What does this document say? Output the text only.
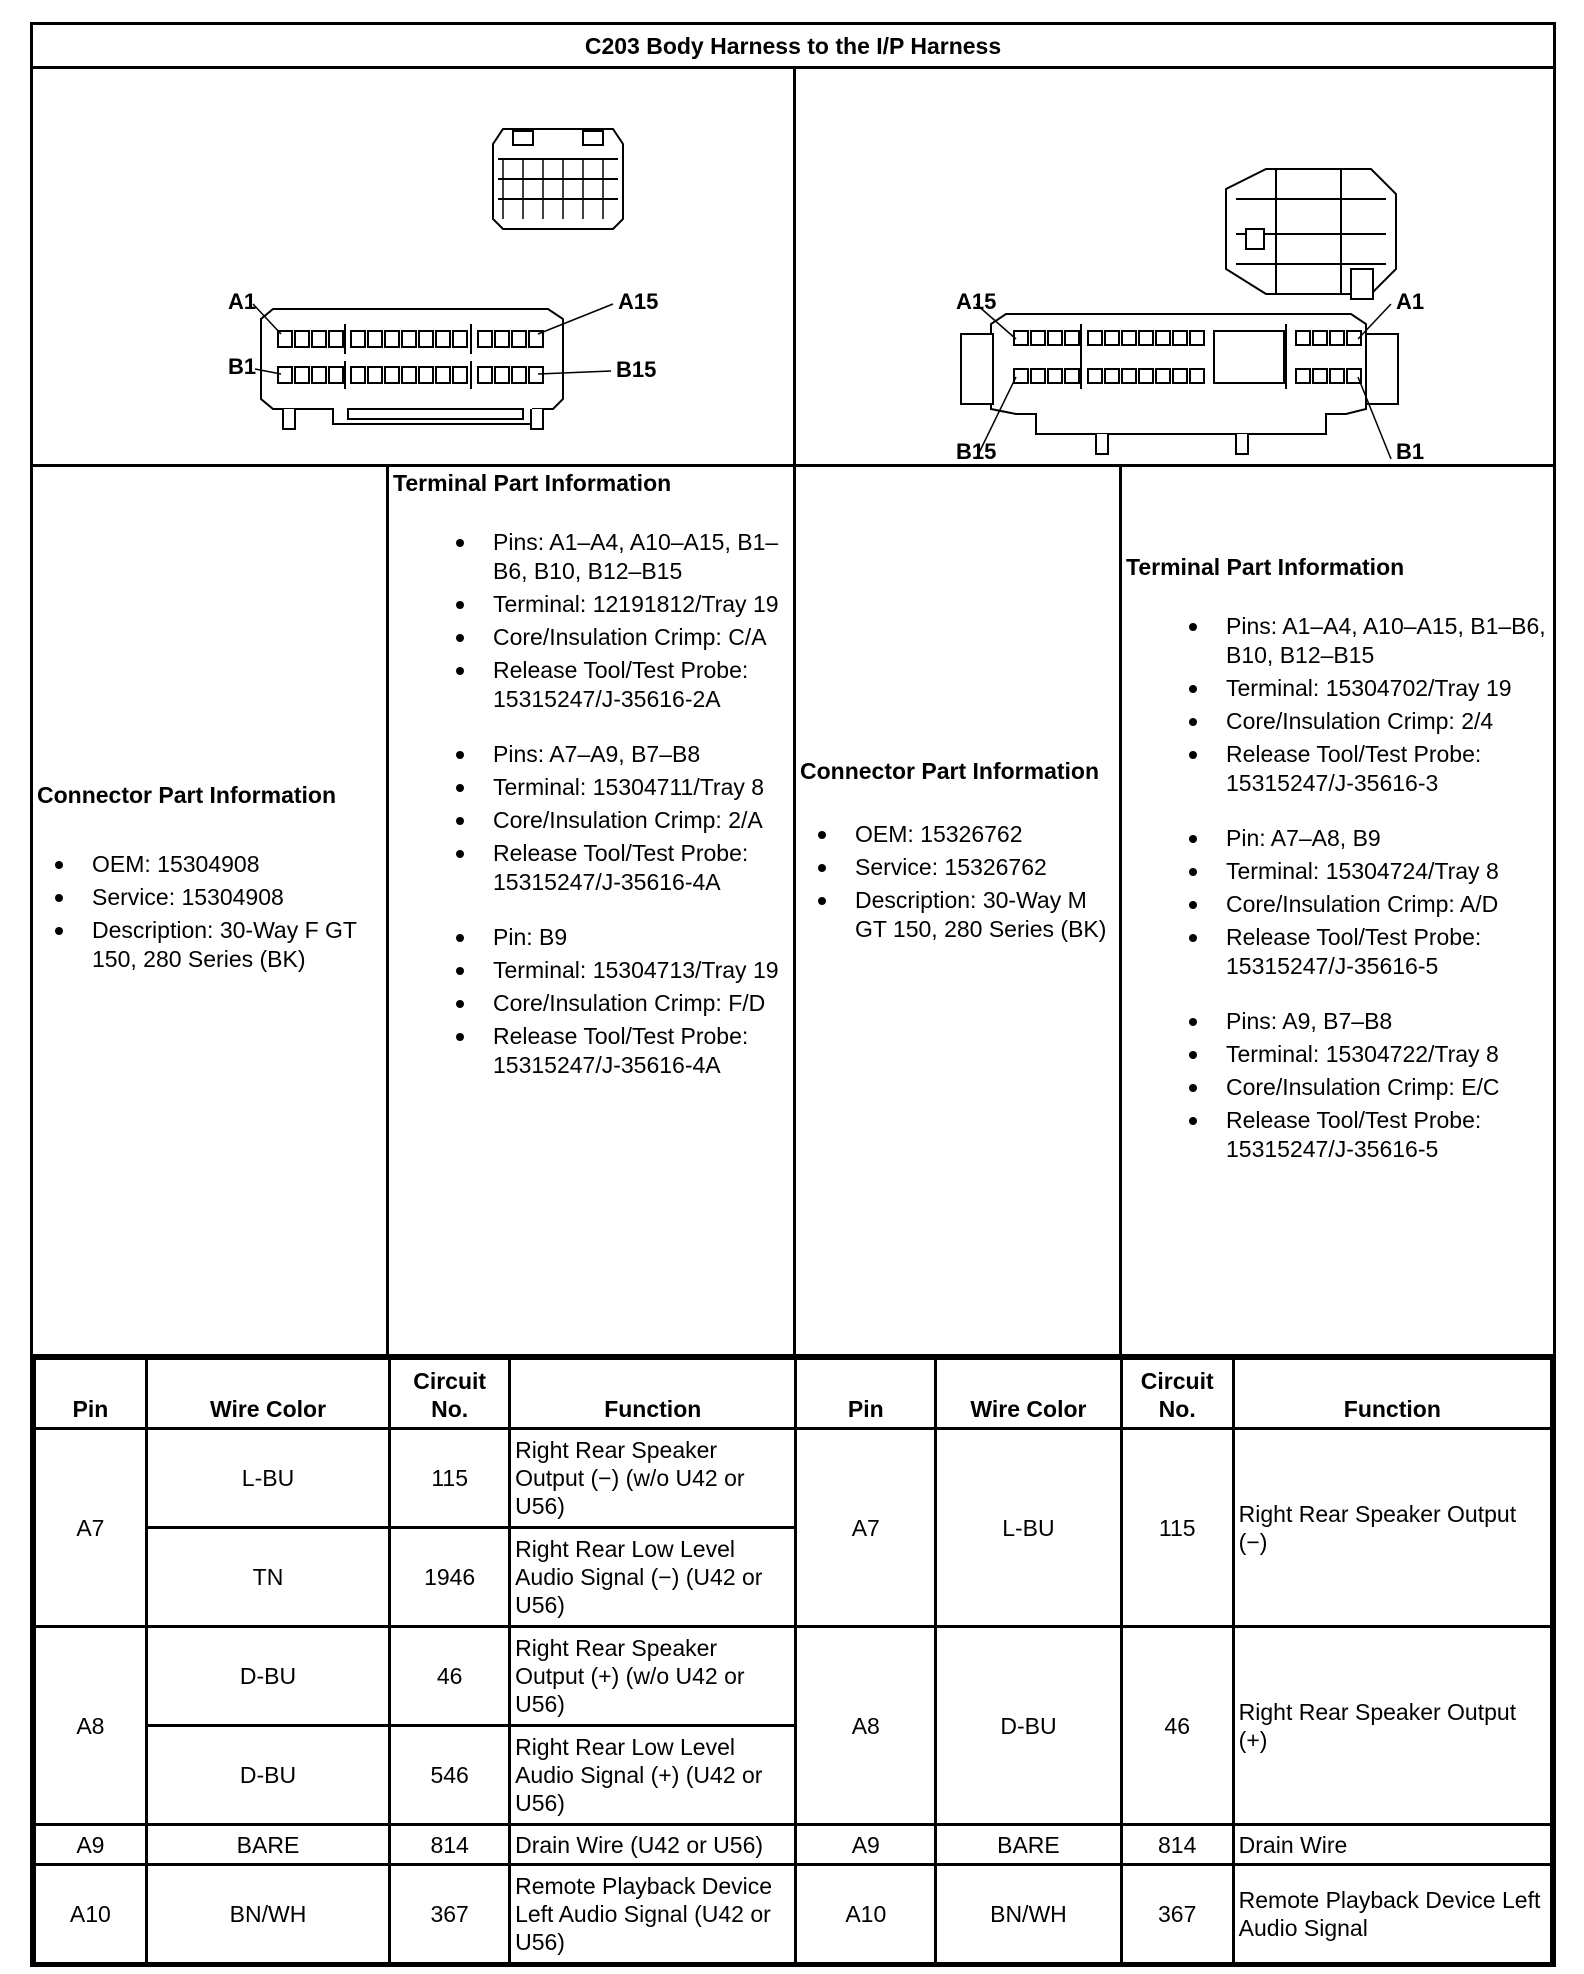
C203 Body Harness to the I/P Harness
A1	A15
B1	B15
A15	A1
B15	B1
Connector Part Information
OEM: 15304908
Service: 15304908
Description: 30-Way F GT 150, 280 Series (BK)
Terminal Part Information
Pins: A1–A4, A10–A15, B1–B6, B10, B12–B15
Terminal: 12191812/Tray 19
Core/Insulation Crimp: C/A
Release Tool/Test Probe: 15315247/J-35616-2A
Pins: A7–A9, B7–B8
Terminal: 15304711/Tray 8
Core/Insulation Crimp: 2/A
Release Tool/Test Probe: 15315247/J-35616-4A
Pin: B9
Terminal: 15304713/Tray 19
Core/Insulation Crimp: F/D
Release Tool/Test Probe: 15315247/J-35616-4A
Connector Part Information
OEM: 15326762
Service: 15326762
Description: 30-Way M GT 150, 280 Series (BK)
Terminal Part Information
Pins: A1–A4, A10–A15, B1–B6, B10, B12–B15
Terminal: 15304702/Tray 19
Core/Insulation Crimp: 2/4
Release Tool/Test Probe: 15315247/J-35616-3
Pin: A7–A8, B9
Terminal: 15304724/Tray 8
Core/Insulation Crimp: A/D
Release Tool/Test Probe: 15315247/J-35616-5
Pins: A9, B7–B8
Terminal: 15304722/Tray 8
Core/Insulation Crimp: E/C
Release Tool/Test Probe: 15315247/J-35616-5
Pin	Wire Color	Circuit No.	Function	Pin	Wire Color	Circuit No.	Function
A7	L-BU	115	Right Rear Speaker Output (−) (w/o U42 or U56)	A7	L-BU	115	Right Rear Speaker Output (−)
	TN	1946	Right Rear Low Level Audio Signal (−) (U42 or U56)				
A8	D-BU	46	Right Rear Speaker Output (+) (w/o U42 or U56)	A8	D-BU	46	Right Rear Speaker Output (+)
	D-BU	546	Right Rear Low Level Audio Signal (+) (U42 or U56)				
A9	BARE	814	Drain Wire (U42 or U56)	A9	BARE	814	Drain Wire
A10	BN/WH	367	Remote Playback Device Left Audio Signal (U42 or U56)	A10	BN/WH	367	Remote Playback Device Left Audio Signal
